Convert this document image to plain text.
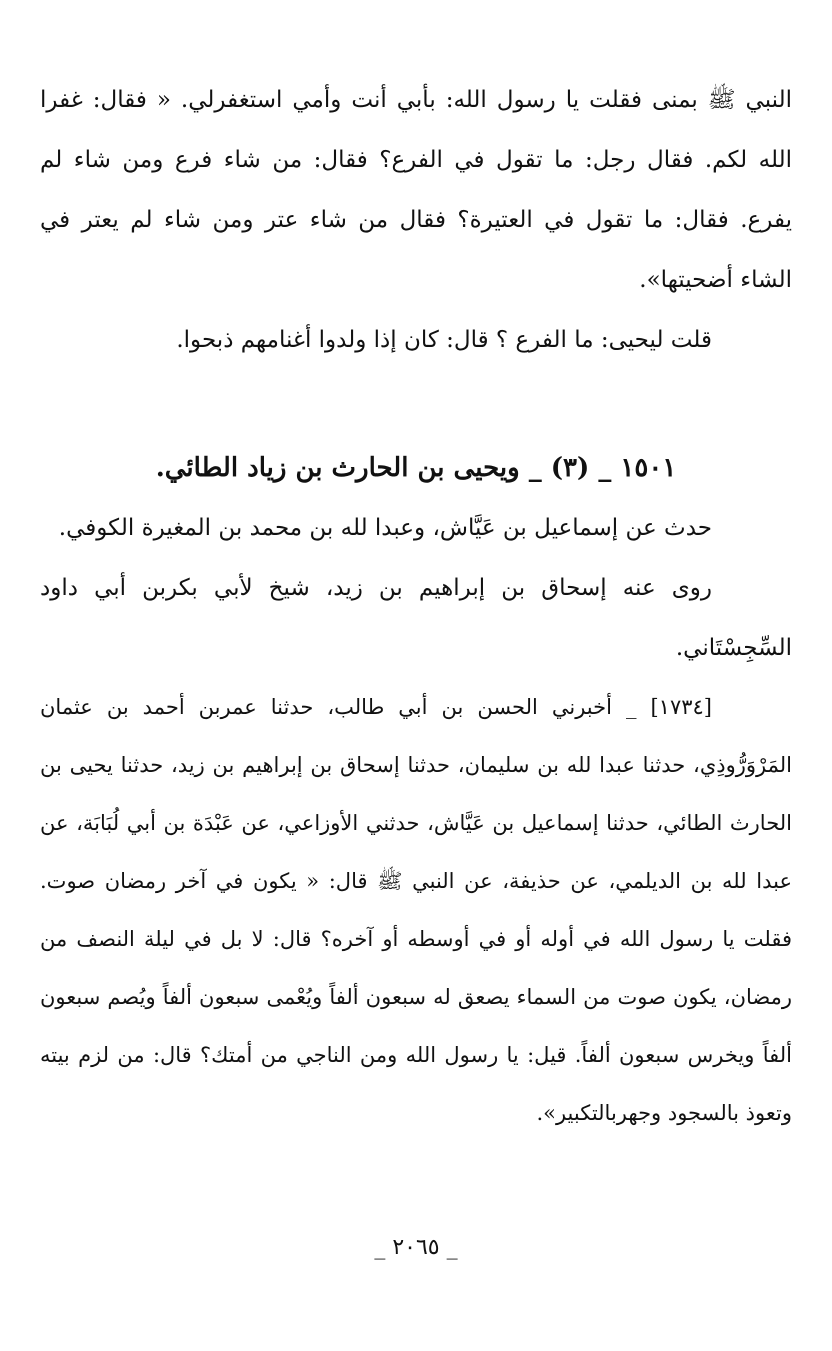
النبي ﷺ بمنى فقلت يا رسول الله: بأبي أنت وأمي استغفرلي. « فقال: غفرا الله لكم. فقال رجل: ما تقول في الفرع؟ فقال: من شاء فرع ومن شاء لم يفرع. فقال: ما تقول في العتيرة؟ فقال من شاء عتر ومن شاء لم يعتر في الشاء أضحيتها».

قلت ليحيى: ما الفرع ؟ قال: كان إذا ولدوا أغنامهم ذبحوا.

١٥٠١ _ (٣) _ ويحيى بن الحارث بن زياد الطائي.

حدث عن إسماعيل بن عَيَّاش، وعبدا لله بن محمد بن المغيرة الكوفي.

روى عنه إسحاق بن إبراهيم بن زيد، شيخ لأبي بكربن أبي داود السِّجِسْتَاني.

[١٧٣٤] _ أخبرني الحسن بن أبي طالب، حدثنا عمربن أحمد بن عثمان المَرْوَرُّوذِي، حدثنا عبدا لله بن سليمان، حدثنا إسحاق بن إبراهيم بن زيد، حدثنا يحيى بن الحارث الطائي، حدثنا إسماعيل بن عَيَّاش، حدثني الأوزاعي، عن عَبْدَة بن أبي لُبَابَة، عن عبدا لله بن الديلمي، عن حذيفة، عن النبي ﷺ قال: « يكون في آخر رمضان صوت. فقلت يا رسول الله في أوله أو في أوسطه أو آخره؟ قال: لا بل في ليلة النصف من رمضان، يكون صوت من السماء يصعق له سبعون ألفاً ويُعْمى سبعون ألفاً ويُصم سبعون ألفاً ويخرس سبعون ألفاً. قيل: يا رسول الله ومن الناجي من أمتك؟ قال: من لزم بيته وتعوذ بالسجود وجهربالتكبير».

_ ٢٠٦٥ _
